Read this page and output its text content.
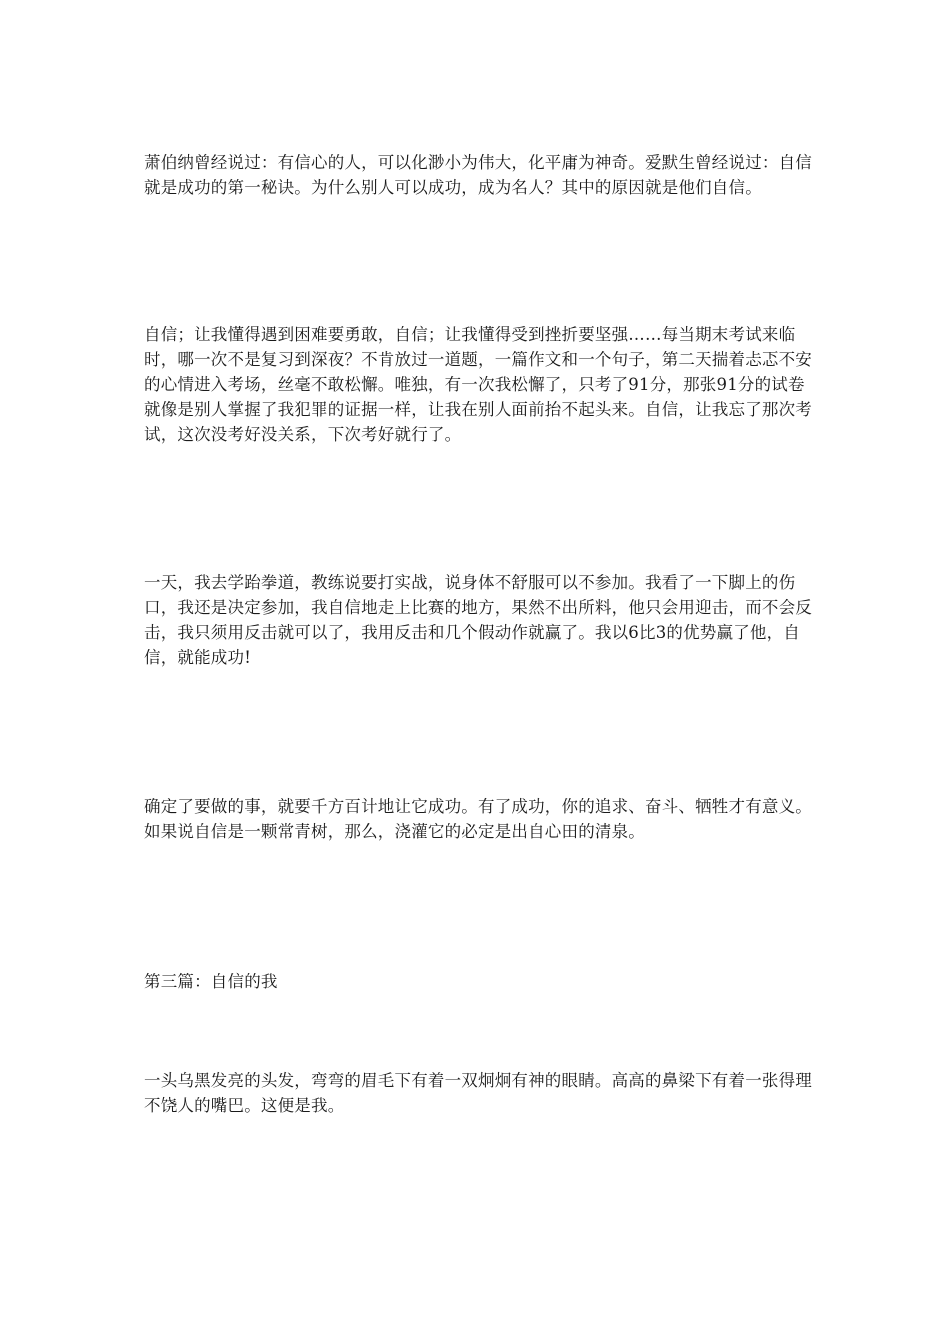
萧伯纳曾经说过：有信心的人，可以化渺小为伟大，化平庸为神奇。爱默生曾经说过：自信就是成功的第一秘诀。为什么别人可以成功，成为名人？其中的原因就是他们自信。

自信；让我懂得遇到困难要勇敢，自信；让我懂得受到挫折要坚强……每当期末考试来临时，哪一次不是复习到深夜？不肯放过一道题，一篇作文和一个句子，第二天揣着忐忑不安的心情进入考场，丝毫不敢松懈。唯独，有一次我松懈了，只考了91分，那张91分的试卷就像是别人掌握了我犯罪的证据一样，让我在别人面前抬不起头来。自信，让我忘了那次考试，这次没考好没关系，下次考好就行了。

一天，我去学跆拳道，教练说要打实战，说身体不舒服可以不参加。我看了一下脚上的伤口，我还是决定参加，我自信地走上比赛的地方，果然不出所料，他只会用迎击，而不会反击，我只须用反击就可以了，我用反击和几个假动作就赢了。我以6比3的优势赢了他，自信，就能成功!

确定了要做的事，就要千方百计地让它成功。有了成功，你的追求、奋斗、牺牲才有意义。如果说自信是一颗常青树，那么，浇灌它的必定是出自心田的清泉。

第三篇：自信的我

一头乌黑发亮的头发，弯弯的眉毛下有着一双炯炯有神的眼睛。高高的鼻梁下有着一张得理不饶人的嘴巴。这便是我。
